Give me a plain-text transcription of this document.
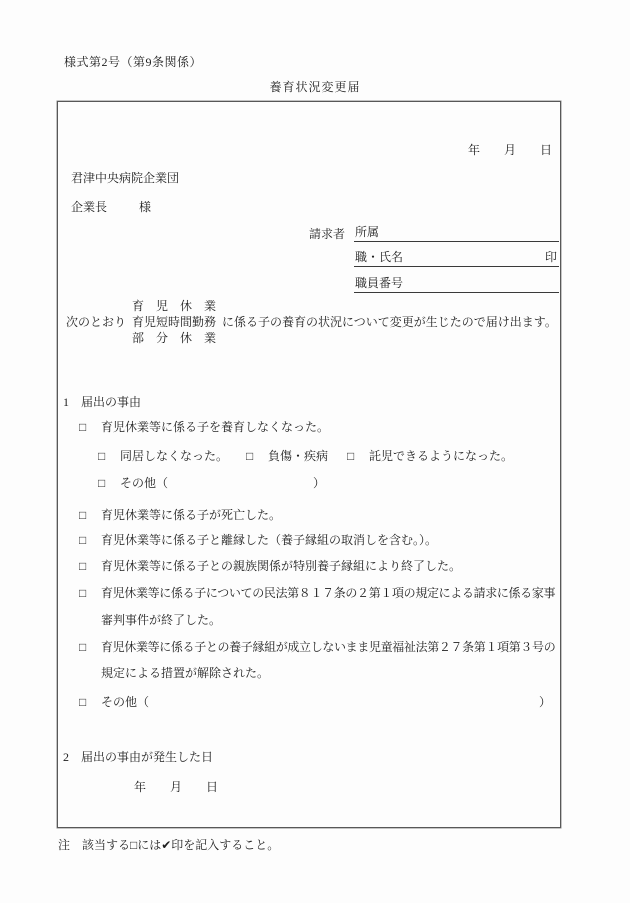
様式第2号（第9条関係）
養育状況変更届
年　　月　　日
君津中央病院企業団
企業長	様
請求者 所属
職・氏名	印
職員番号
次のとおり
育　児　休　業
育児短時間勤務
部　分　休　業
に係る子の養育の状況について変更が生じたので届け出ます。
1　届出の事由
□ 育児休業等に係る子を養育しなくなった。
□ 同居しなくなった。 □ 負傷・疾病 □ 託児できるようになった。
□ その他（	）
□ 育児休業等に係る子が死亡した。
□ 育児休業等に係る子と離縁した（養子縁組の取消しを含む。）。
□ 育児休業等に係る子との親族関係が特別養子縁組により終了した。
□ 育児休業等に係る子についての民法第８１７条の２第１項の規定による請求に係る家事
審判事件が終了した。
□ 育児休業等に係る子との養子縁組が成立しないまま児童福祉法第２７条第１項第３号の
規定による措置が解除された。
□ その他（	）
2　届出の事由が発生した日
年　　月　　日
注　該当する□には✔印を記入すること。
